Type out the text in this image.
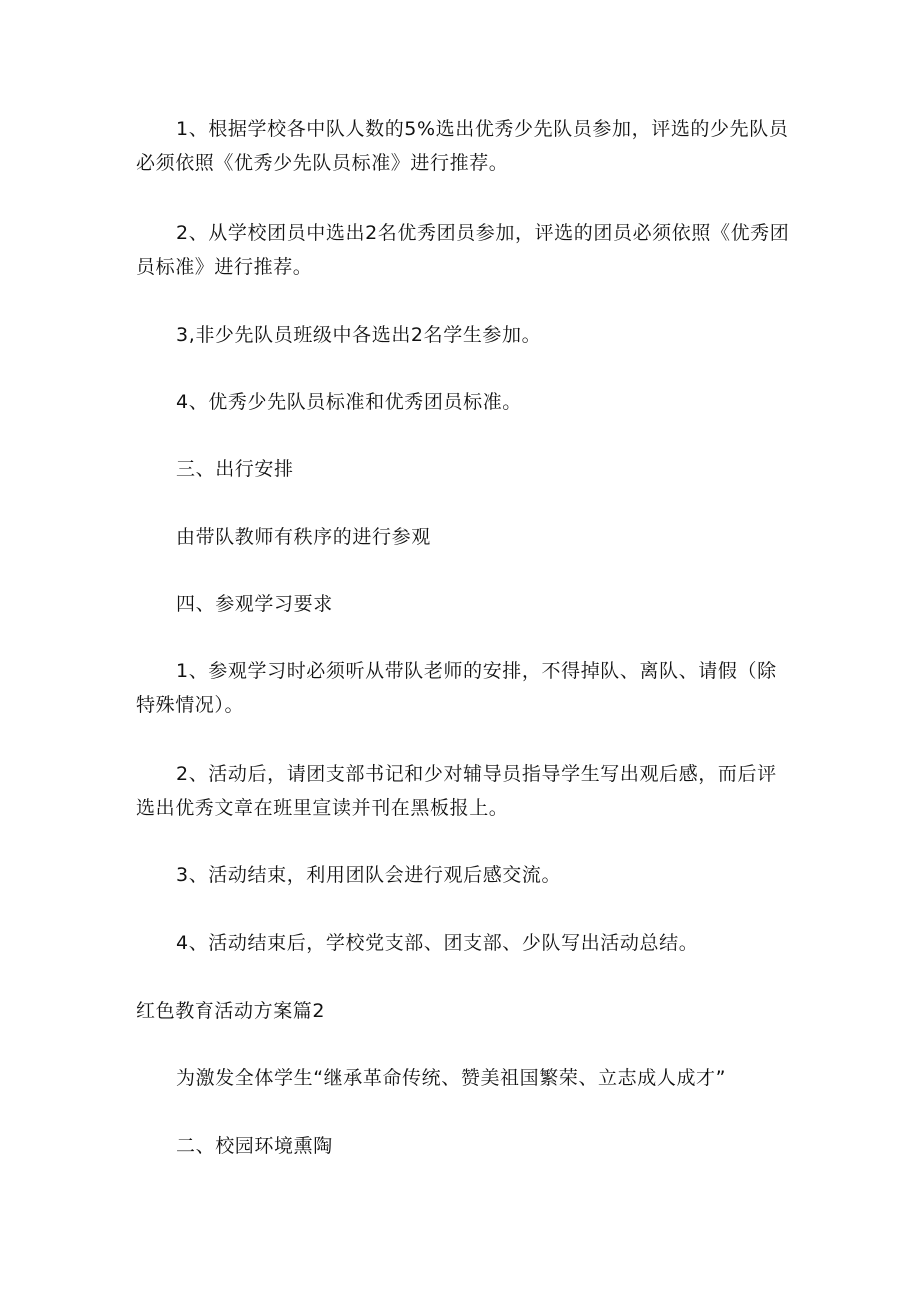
1、根据学校各中队人数的5%选出优秀少先队员参加，评选的少先队员必须依照《优秀少先队员标准》进行推荐。

2、从学校团员中选出2名优秀团员参加，评选的团员必须依照《优秀团员标准》进行推荐。

3,非少先队员班级中各选出2名学生参加。

4、优秀少先队员标准和优秀团员标准。

三、出行安排

由带队教师有秩序的进行参观

四、参观学习要求

1、参观学习时必须听从带队老师的安排，不得掉队、离队、请假（除特殊情况）。

2、活动后，请团支部书记和少对辅导员指导学生写出观后感，而后评选出优秀文章在班里宣读并刊在黑板报上。

3、活动结束，利用团队会进行观后感交流。

4、活动结束后，学校党支部、团支部、少队写出活动总结。

红色教育活动方案篇2

为激发全体学生“继承革命传统、赞美祖国繁荣、立志成人成才”

二、校园环境熏陶
